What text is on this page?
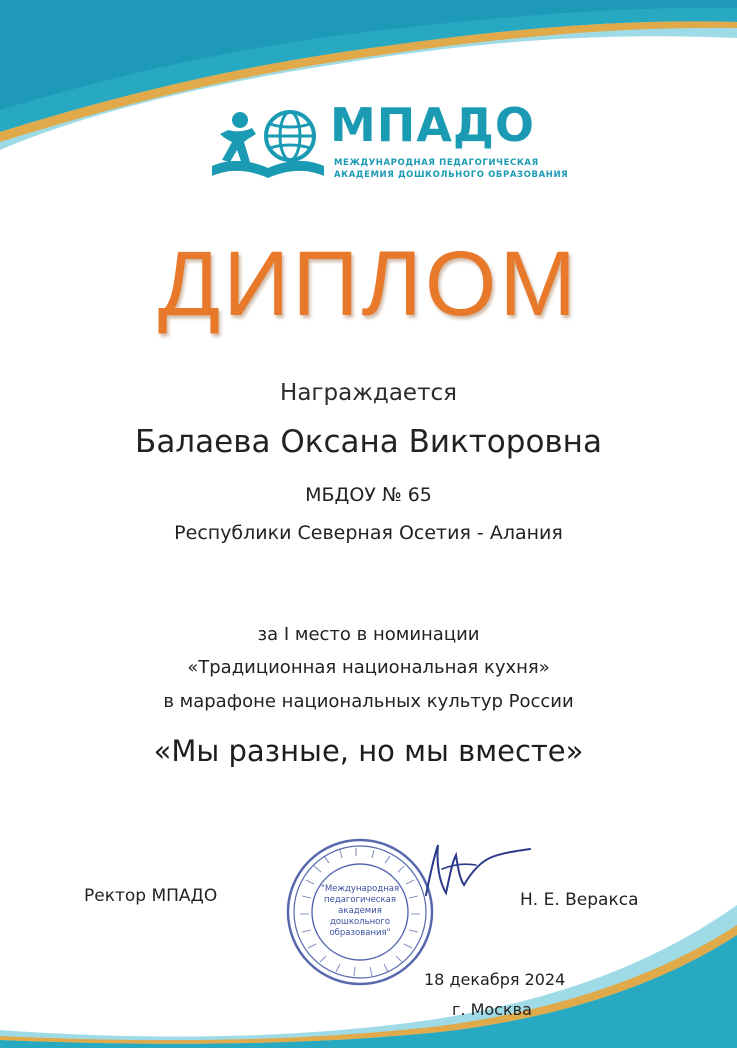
МПАДО
МЕЖДУНАРОДНАЯ ПЕДАГОГИЧЕСКАЯ
АКАДЕМИЯ ДОШКОЛЬНОГО ОБРАЗОВАНИЯ
ДИПЛОМ
Награждается
Балаева Оксана Викторовна
МБДОУ № 65
Республики Северная Осетия - Алания
за I место в номинации
«Традиционная национальная кухня»
в марафоне национальных культур России
«Мы разные, но мы вместе»
Ректор МПАДО	"Международная
педагогическая
академия
дошкольного
образования"
Н. Е. Веракса
18 декабря 2024
г. Москва
